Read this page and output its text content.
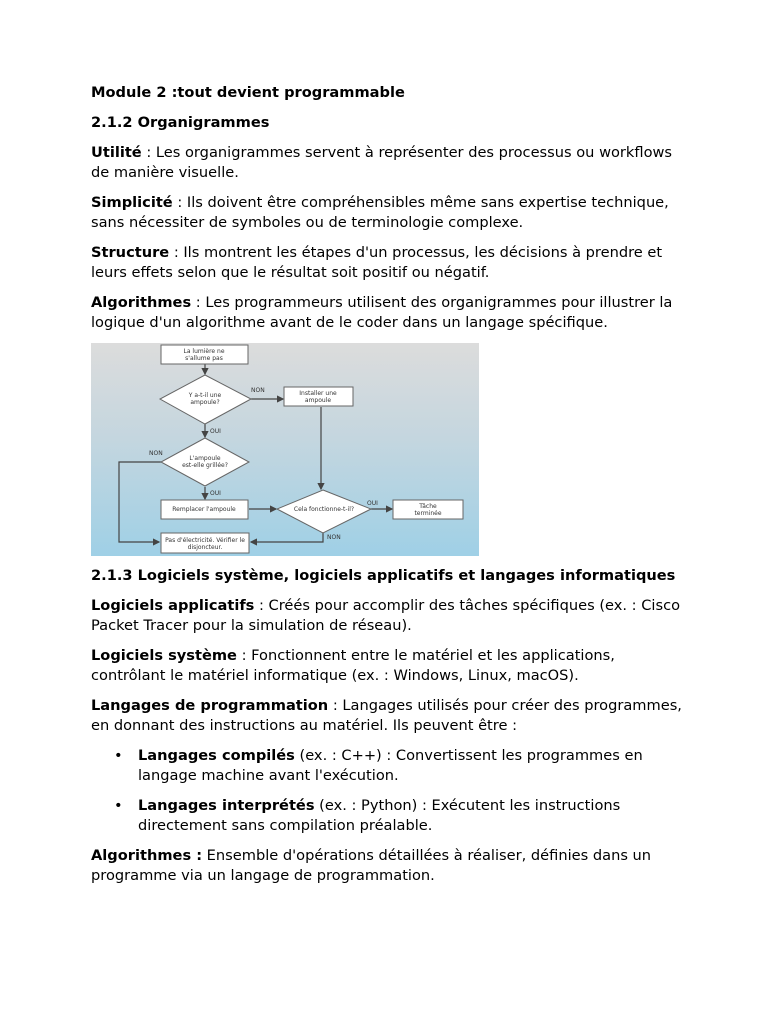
Module 2 :tout devient programmable
2.1.2 Organigrammes

Utilité : Les organigrammes servent à représenter des processus ou workflows de manière visuelle.

Simplicité : Ils doivent être compréhensibles même sans expertise technique, sans nécessiter de symboles ou de terminologie complexe.

Structure : Ils montrent les étapes d'un processus, les décisions à prendre et leurs effets selon que le résultat soit positif ou négatif.

Algorithmes : Les programmeurs utilisent des organigrammes pour illustrer la logique d'un algorithme avant de le coder dans un langage spécifique.

La lumière ne
s'allume pas
Y a-t-il une
ampoule?
NON
OUI
Installer une
ampoule
L'ampoule
est-elle grillée?
NON
OUI
Remplacer l'ampoule	Cela fonctionne-t-il?
OUI
NON
Tâche
terminée
Pas d'électricité. Vérifier le
disjoncteur.
2.1.3 Logiciels système, logiciels applicatifs et langages informatiques

Logiciels applicatifs : Créés pour accomplir des tâches spécifiques (ex. : Cisco Packet Tracer pour la simulation de réseau).

Logiciels système : Fonctionnent entre le matériel et les applications, contrôlant le matériel informatique (ex. : Windows, Linux, macOS).

Langages de programmation : Langages utilisés pour créer des programmes, en donnant des instructions au matériel. Ils peuvent être :

• Langages compilés (ex. : C++) : Convertissent les programmes en langage machine avant l'exécution.
• Langages interprétés (ex. : Python) : Exécutent les instructions directement sans compilation préalable.

Algorithmes : Ensemble d'opérations détaillées à réaliser, définies dans un programme via un langage de programmation.
